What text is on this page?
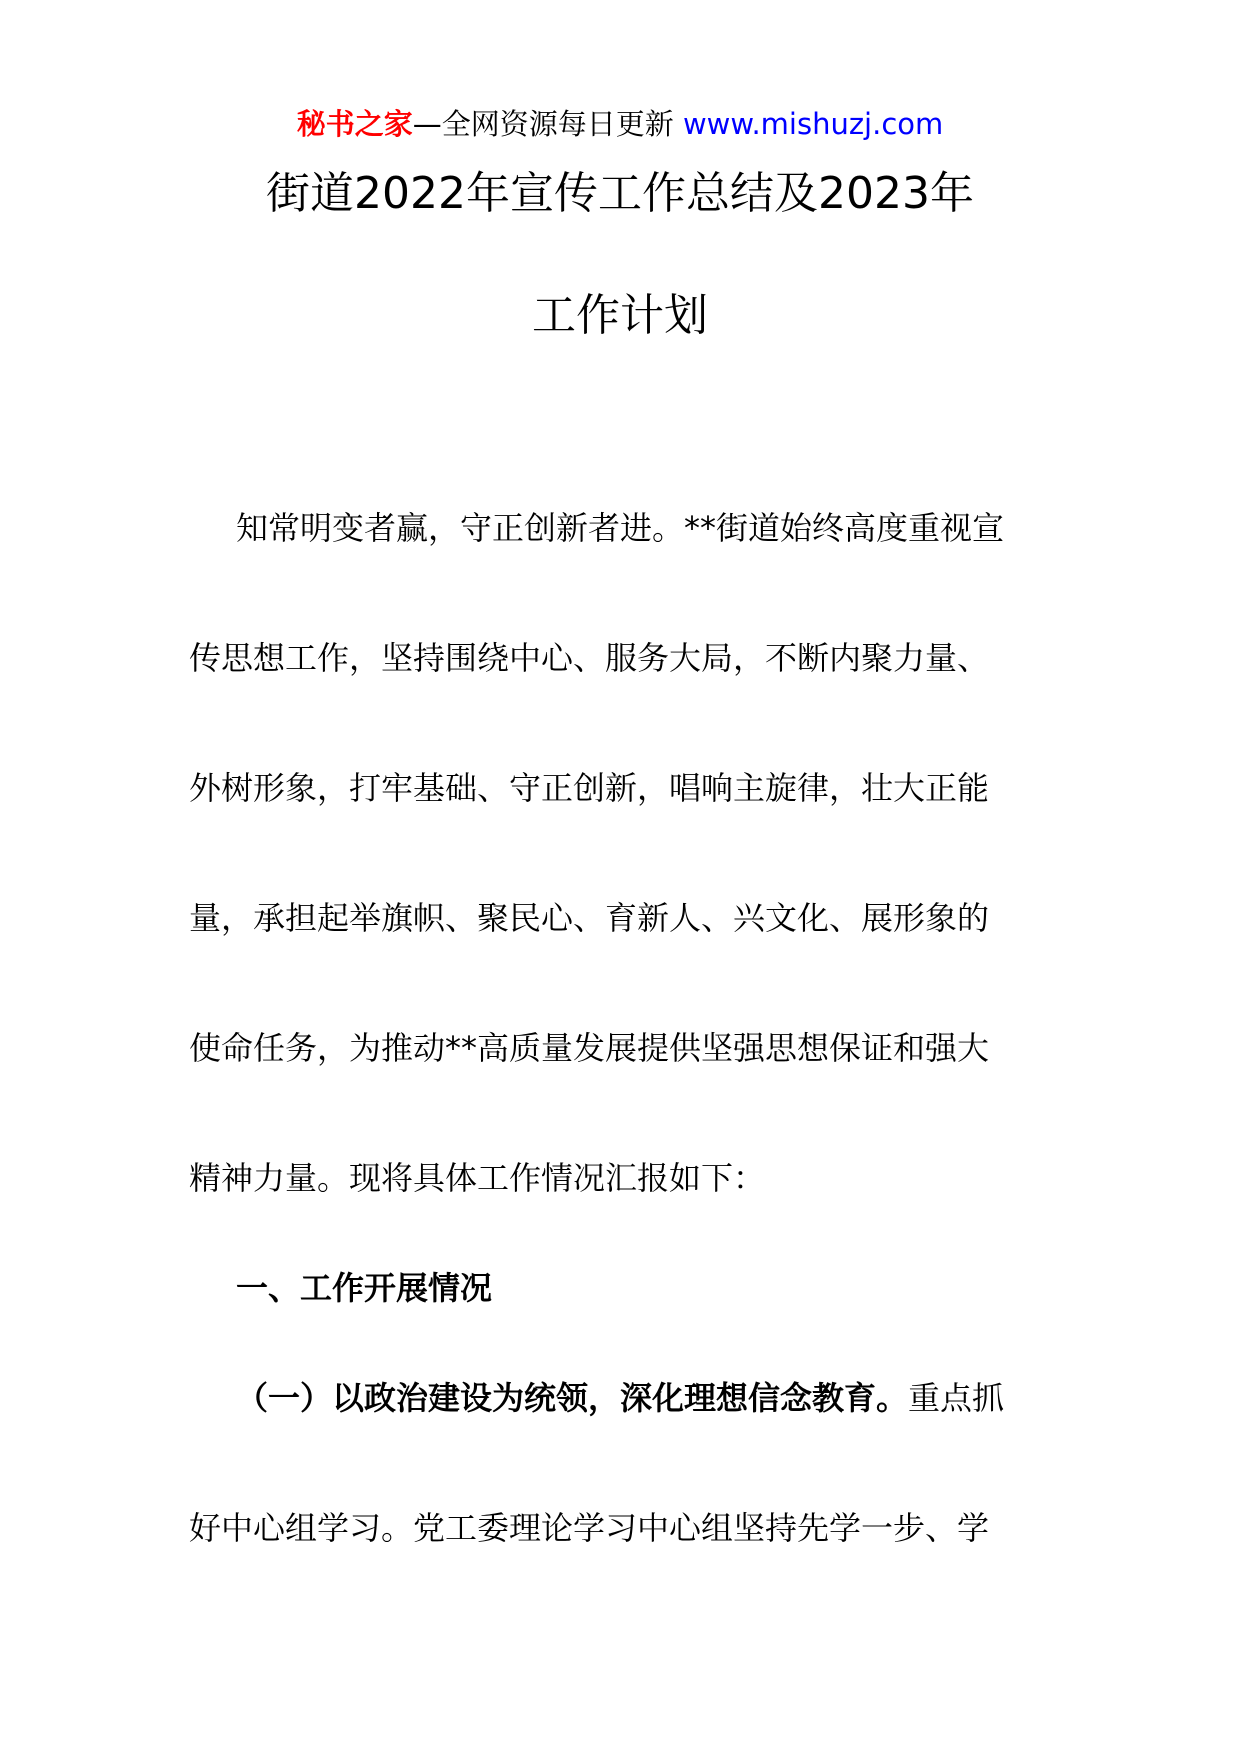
秘书之家—全网资源每日更新 www.mishuzj.com
街道2022年宣传工作总结及2023年
工作计划
知常明变者赢，守正创新者进。**街道始终高度重视宣
传思想工作，坚持围绕中心、服务大局，不断内聚力量、
外树形象，打牢基础、守正创新，唱响主旋律，壮大正能
量，承担起举旗帜、聚民心、育新人、兴文化、展形象的
使命任务，为推动**高质量发展提供坚强思想保证和强大
精神力量。现将具体工作情况汇报如下：
一、工作开展情况
（一）以政治建设为统领，深化理想信念教育。重点抓
好中心组学习。党工委理论学习中心组坚持先学一步、学
